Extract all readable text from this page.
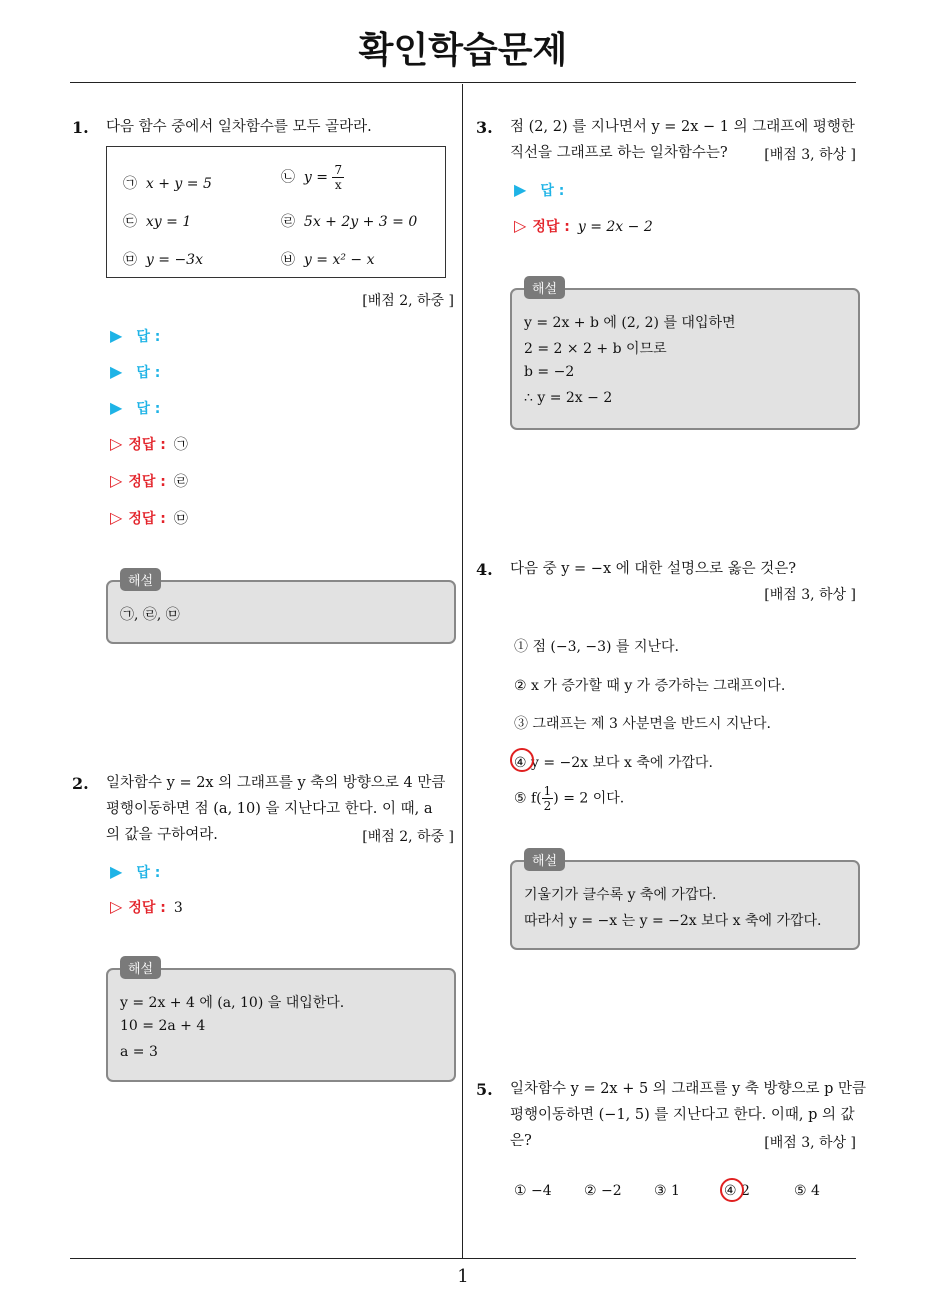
확인학습문제
1
1. 다음 함수 중에서 일차함수를 모두 골라라.
㉠ x + y = 5	㉡ $y = \frac{7}{x}$
㉢ xy = 1	㉣ 5x + 2y + 3 = 0
㉤ y = −3x	㉥ y = x² − x
[배점 2, 하중 ]
▶ 답 :
▶ 답 :
▶ 답 :
▷ 정답 : ㉠
▷ 정답 : ㉣
▷ 정답 : ㉤
㉠, ㉣, ㉤
해설
2. 일차함수 y = 2x 의 그래프를 y 축의 방향으로 4 만큼
평행이동하면 점 (a, 10) 을 지난다고 한다. 이 때, a
의 값을 구하여라.	[배점 2, 하중 ]
▶ 답 :
▷ 정답 : 3
y = 2x + 4 에 (a, 10) 을 대입한다.
10 = 2a + 4
a = 3
해설
3. 점 (2, 2) 를 지나면서 y = 2x − 1 의 그래프에 평행한
직선을 그래프로 하는 일차함수는?	[배점 3, 하상 ]
▶ 답 :
▷ 정답 : y = 2x − 2
y = 2x + b 에 (2, 2) 를 대입하면
2 = 2 × 2 + b 이므로
b = −2
∴ y = 2x − 2
해설
4. 다음 중 y = −x 에 대한 설명으로 옳은 것은?
[배점 3, 하상 ]
① 점 (−3, −3) 를 지난다.
② x 가 증가할 때 y 가 증가하는 그래프이다.
③ 그래프는 제 3 사분면을 반드시 지난다.
④ y = −2x 보다 x 축에 가깝다.
⑤ $f( \frac{1}{2}$ ) = 2 이다.
기울기가 클수록 y 축에 가깝다.
따라서 y = −x 는 y = −2x 보다 x 축에 가깝다.
해설
5. 일차함수 y = 2x + 5 의 그래프를 y 축 방향으로 p 만큼
평행이동하면 (−1, 5) 를 지난다고 한다. 이때, p 의 값
은?	[배점 3, 하상 ]
① −4 ② −2 ③ 1	④ 2	⑤ 4
